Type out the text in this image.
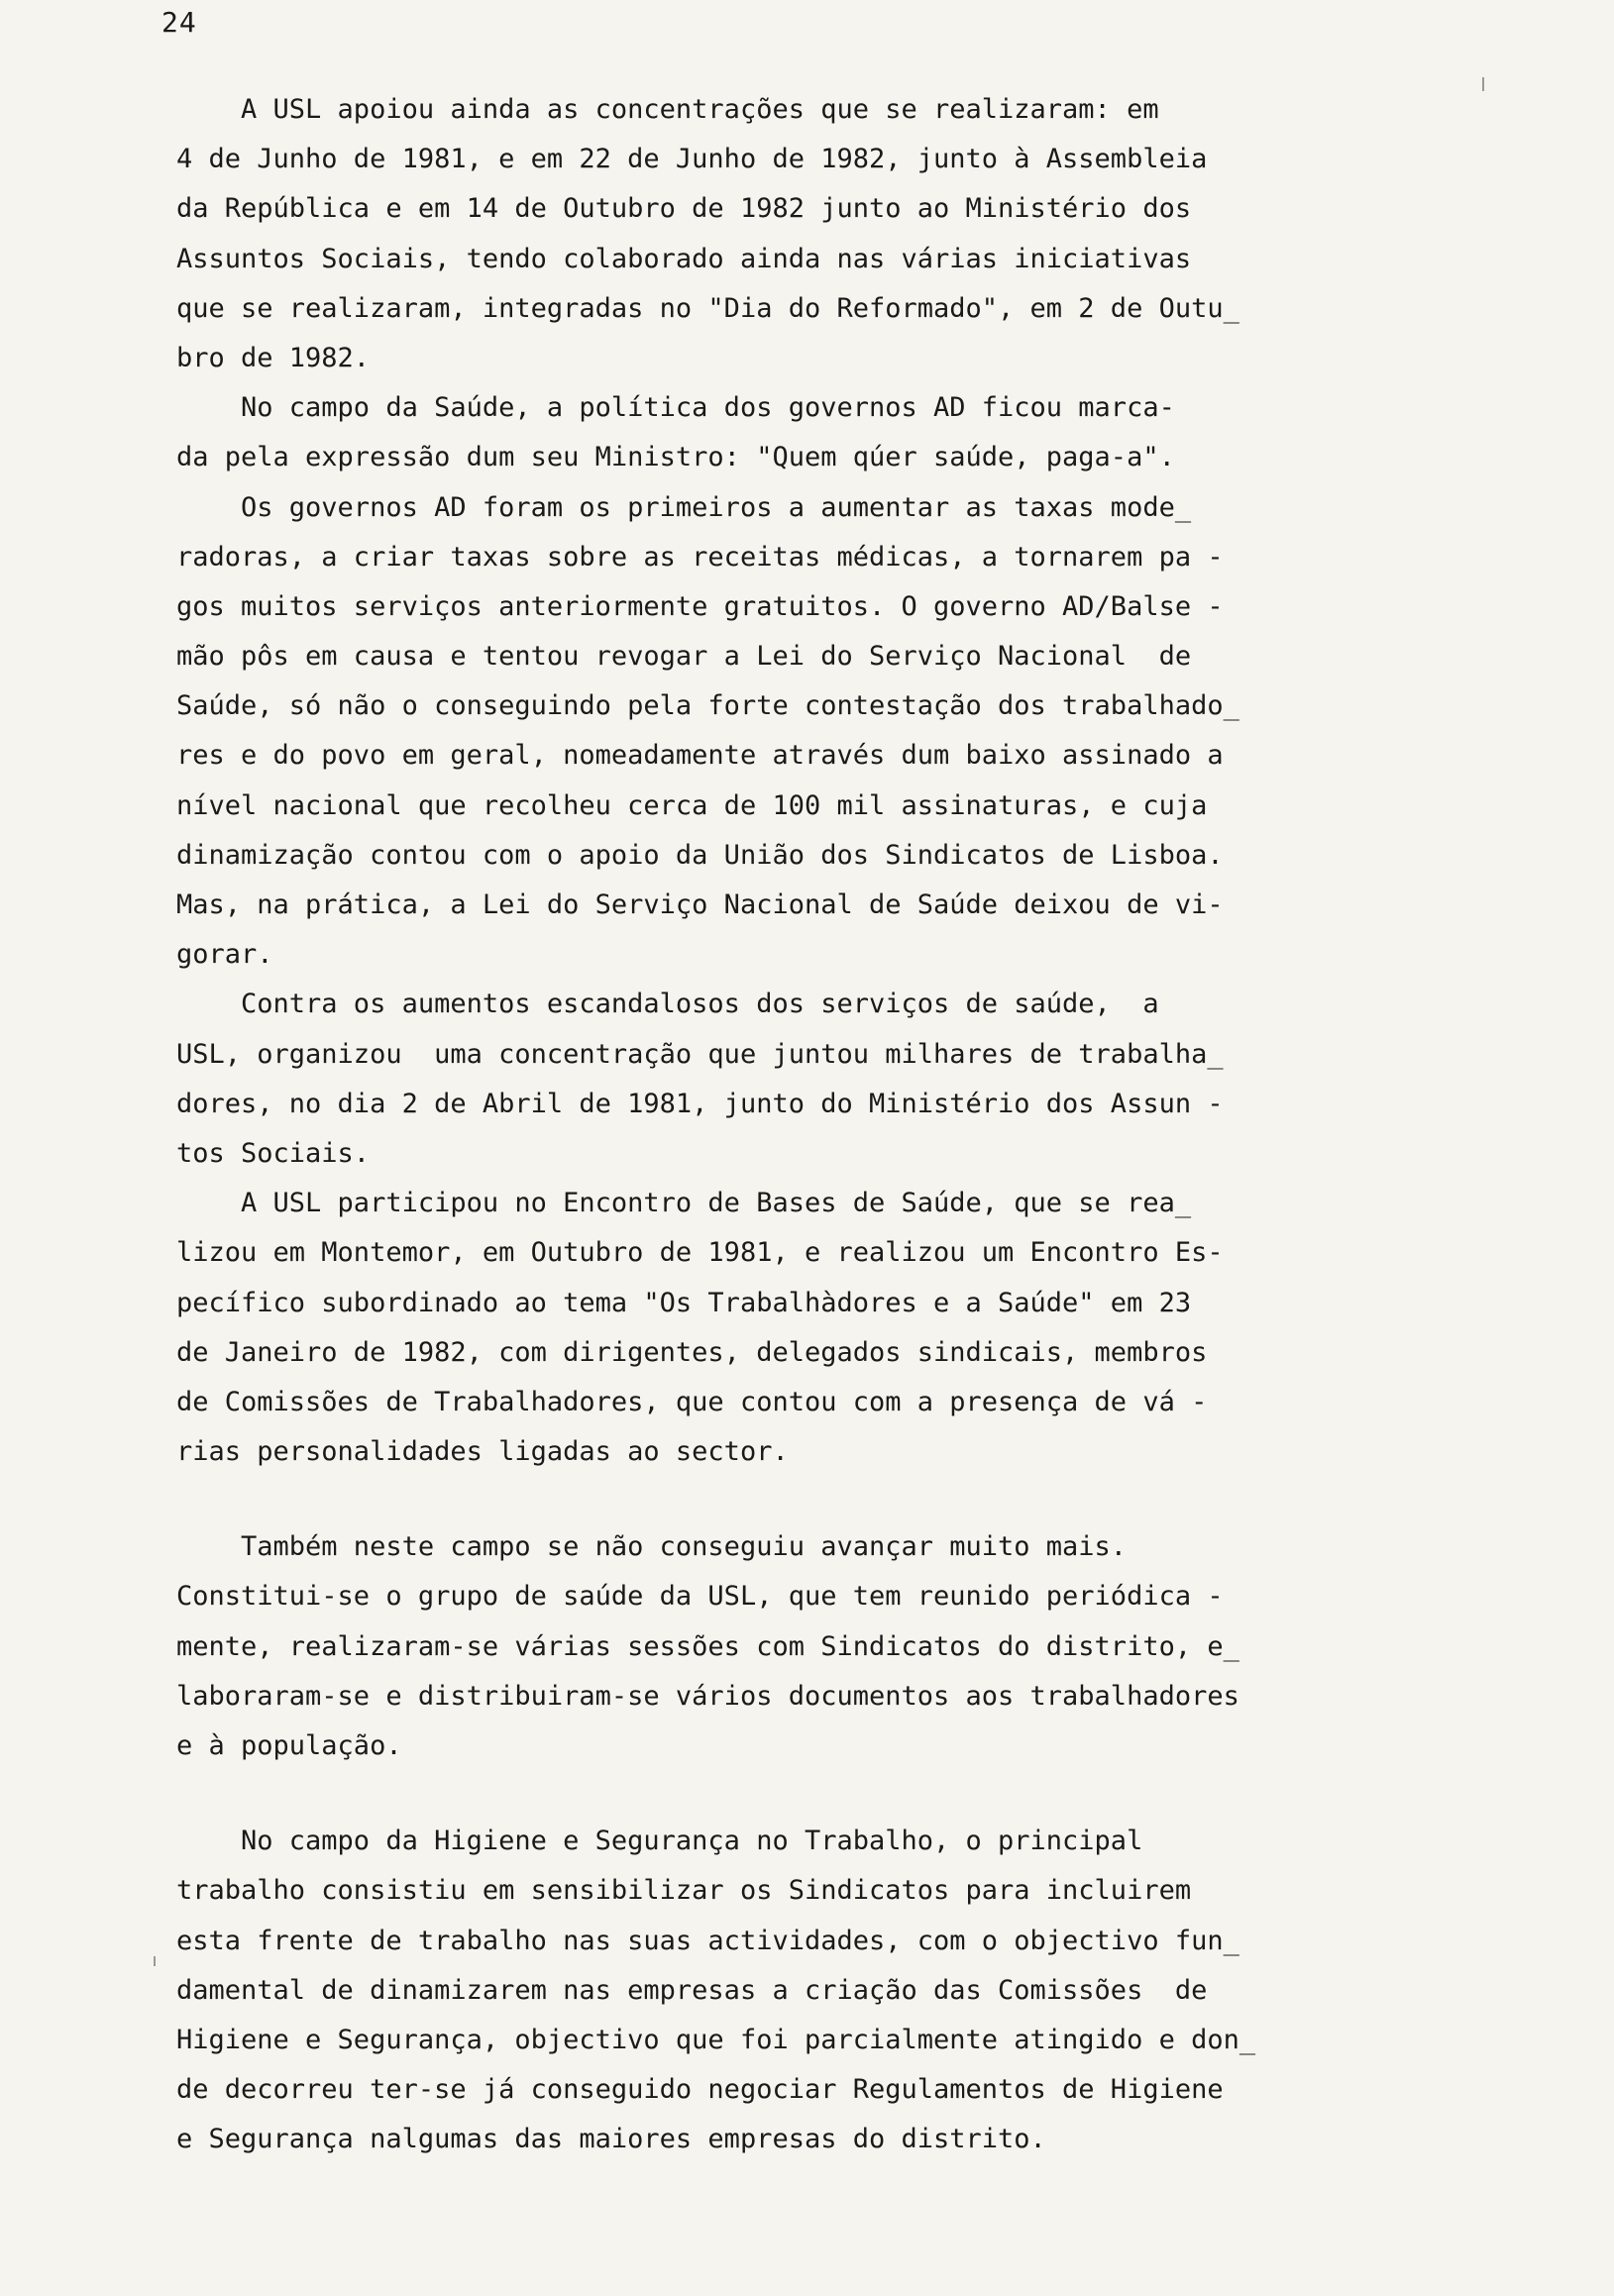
24
A USL apoiou ainda as concentrações que se realizaram: em
4 de Junho de 1981, e em 22 de Junho de 1982, junto à Assembleia
da República e em 14 de Outubro de 1982 junto ao Ministério dos
Assuntos Sociais, tendo colaborado ainda nas várias iniciativas
que se realizaram, integradas no "Dia do Reformado", em 2 de Outu_
bro de 1982.
No campo da Saúde, a política dos governos AD ficou marca-
da pela expressão dum seu Ministro: "Quem qúer saúde, paga-a".
Os governos AD foram os primeiros a aumentar as taxas mode_
radoras, a criar taxas sobre as receitas médicas, a tornarem pa -
gos muitos serviços anteriormente gratuitos. O governo AD/Balse -
mão pôs em causa e tentou revogar a Lei do Serviço Nacional  de
Saúde, só não o conseguindo pela forte contestação dos trabalhado_
res e do povo em geral, nomeadamente através dum baixo assinado a
nível nacional que recolheu cerca de 100 mil assinaturas, e cuja
dinamização contou com o apoio da União dos Sindicatos de Lisboa.
Mas, na prática, a Lei do Serviço Nacional de Saúde deixou de vi-
gorar.
Contra os aumentos escandalosos dos serviços de saúde,  a
USL, organizou  uma concentração que juntou milhares de trabalha_
dores, no dia 2 de Abril de 1981, junto do Ministério dos Assun -
tos Sociais.
A USL participou no Encontro de Bases de Saúde, que se rea_
lizou em Montemor, em Outubro de 1981, e realizou um Encontro Es-
pecífico subordinado ao tema "Os Trabalhàdores e a Saúde" em 23
de Janeiro de 1982, com dirigentes, delegados sindicais, membros
de Comissões de Trabalhadores, que contou com a presença de vá -
rias personalidades ligadas ao sector.
Também neste campo se não conseguiu avançar muito mais.
Constitui-se o grupo de saúde da USL, que tem reunido periódica -
mente, realizaram-se várias sessões com Sindicatos do distrito, e_
laboraram-se e distribuiram-se vários documentos aos trabalhadores
e à população.
No campo da Higiene e Segurança no Trabalho, o principal
trabalho consistiu em sensibilizar os Sindicatos para incluirem
esta frente de trabalho nas suas actividades, com o objectivo fun_
damental de dinamizarem nas empresas a criação das Comissões  de
Higiene e Segurança, objectivo que foi parcialmente atingido e don_
de decorreu ter-se já conseguido negociar Regulamentos de Higiene
e Segurança nalgumas das maiores empresas do distrito.
